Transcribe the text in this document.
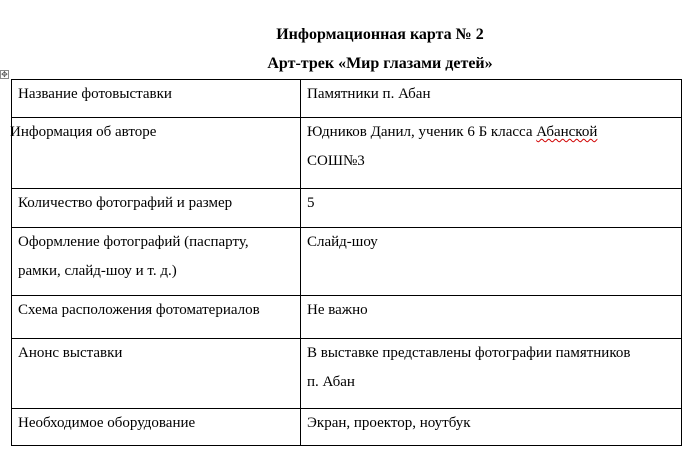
Информационная карта № 2

Арт-трек «Мир глазами детей»

✥
Название фотовыставки	Памятники п. Абан
Информация об авторе	Юдников Данил, ученик 6 Б класса Абанской
СОШ№3
Количество фотографий и размер	5
Оформление фотографий (паспарту,
рамки, слайд-шоу и т. д.)	Слайд-шоу
Схема расположения фотоматериалов	Не важно
Анонс выставки	В выставке представлены фотографии памятников
п. Абан
Необходимое оборудование	Экран, проектор, ноутбук
